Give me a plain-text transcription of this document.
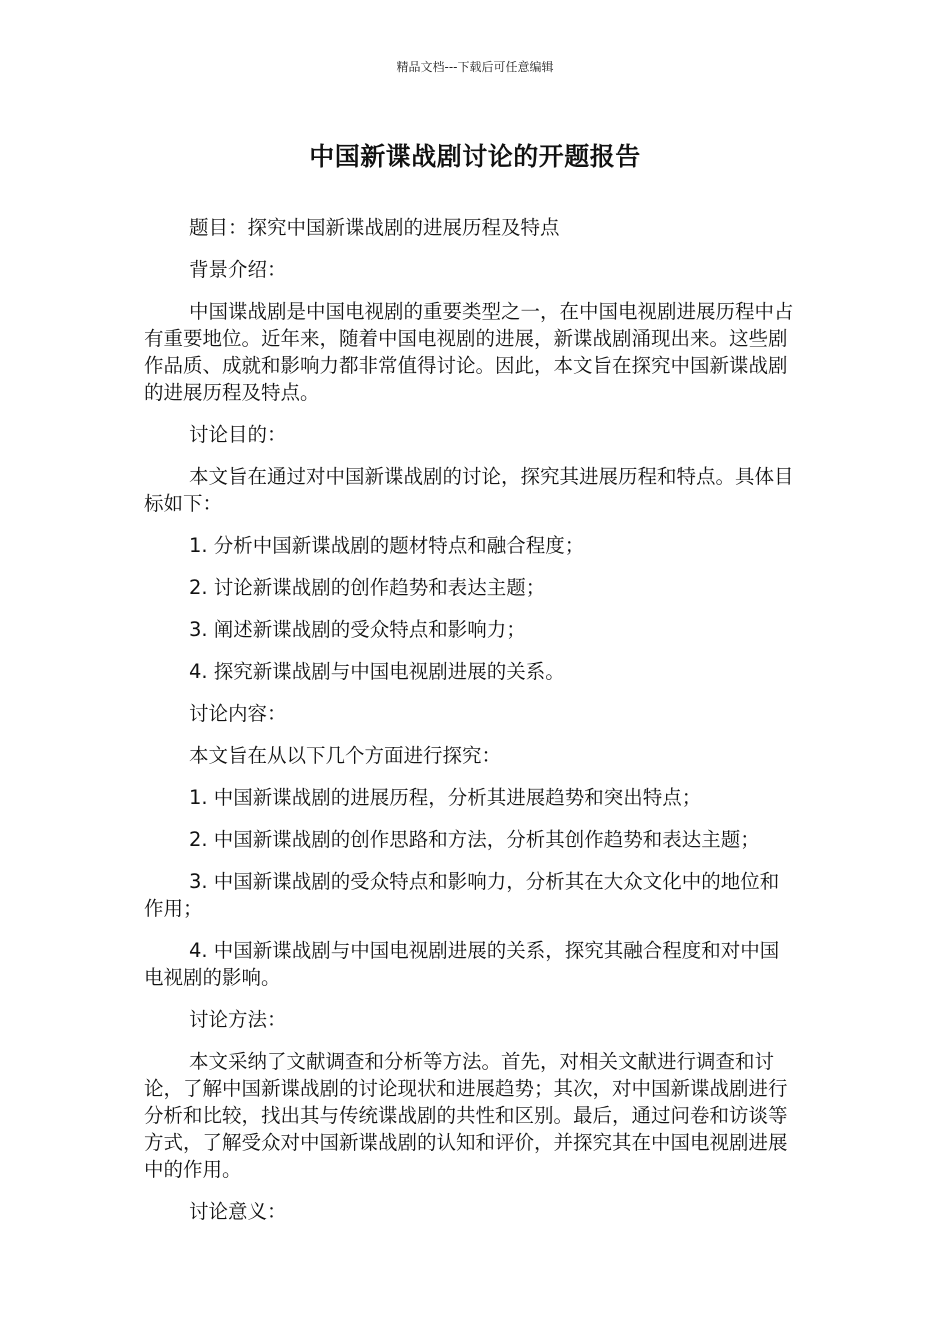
精品文档---下载后可任意编辑
中国新谍战剧讨论的开题报告

题目：探究中国新谍战剧的进展历程及特点

背景介绍：

中国谍战剧是中国电视剧的重要类型之一，在中国电视剧进展历程中占有重要地位。近年来，随着中国电视剧的进展，新谍战剧涌现出来。这些剧作品质、成就和影响力都非常值得讨论。因此，本文旨在探究中国新谍战剧的进展历程及特点。

讨论目的：

本文旨在通过对中国新谍战剧的讨论，探究其进展历程和特点。具体目标如下：

1. 分析中国新谍战剧的题材特点和融合程度；

2. 讨论新谍战剧的创作趋势和表达主题；

3. 阐述新谍战剧的受众特点和影响力；

4. 探究新谍战剧与中国电视剧进展的关系。

讨论内容：

本文旨在从以下几个方面进行探究：

1. 中国新谍战剧的进展历程，分析其进展趋势和突出特点；

2. 中国新谍战剧的创作思路和方法，分析其创作趋势和表达主题；

3. 中国新谍战剧的受众特点和影响力，分析其在大众文化中的地位和作用；

4. 中国新谍战剧与中国电视剧进展的关系，探究其融合程度和对中国电视剧的影响。

讨论方法：

本文采纳了文献调查和分析等方法。首先，对相关文献进行调查和讨论，了解中国新谍战剧的讨论现状和进展趋势；其次，对中国新谍战剧进行分析和比较，找出其与传统谍战剧的共性和区别。最后，通过问卷和访谈等方式，了解受众对中国新谍战剧的认知和评价，并探究其在中国电视剧进展中的作用。

讨论意义：
